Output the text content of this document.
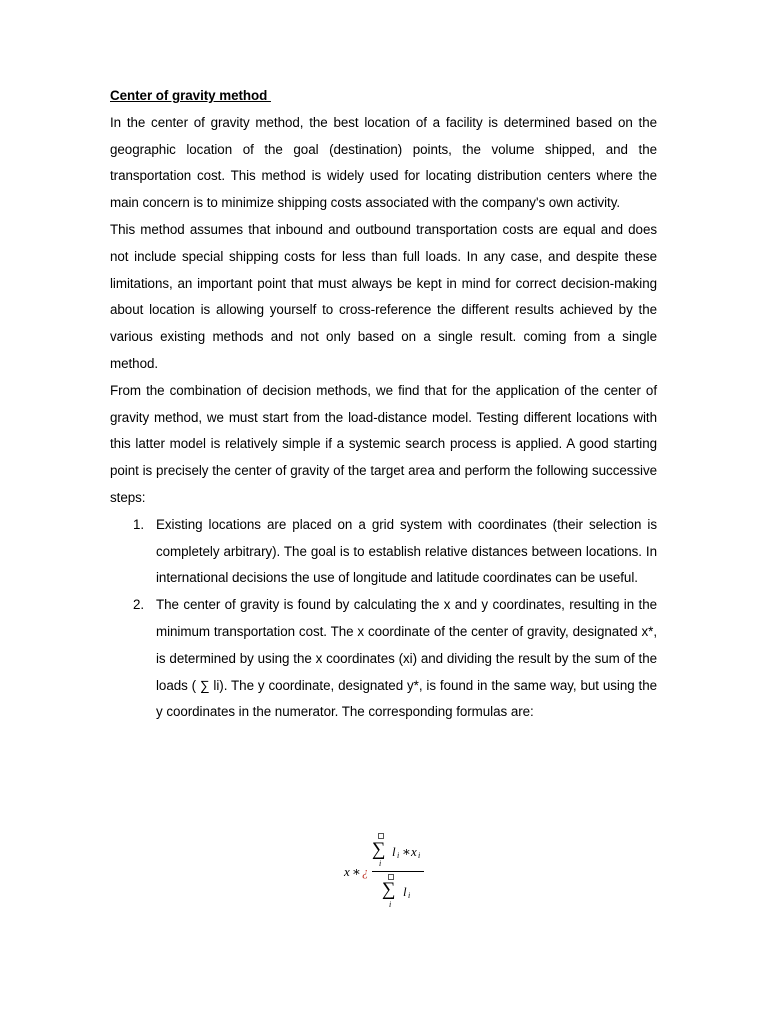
Center of gravity method

In the center of gravity method, the best location of a facility is determined based on the geographic location of the goal (destination) points, the volume shipped, and the transportation cost. This method is widely used for locating distribution centers where the main concern is to minimize shipping costs associated with the company's own activity.

This method assumes that inbound and outbound transportation costs are equal and does not include special shipping costs for less than full loads. In any case, and despite these limitations, an important point that must always be kept in mind for correct decision-making about location is allowing yourself to cross-reference the different results achieved by the various existing methods and not only based on a single result. coming from a single method.

From the combination of decision methods, we find that for the application of the center of gravity method, we must start from the load-distance model. Testing different locations with this latter model is relatively simple if a systemic search process is applied. A good starting point is precisely the center of gravity of the target area and perform the following successive steps:

1. Existing locations are placed on a grid system with coordinates (their selection is completely arbitrary). The goal is to establish relative distances between locations. In international decisions the use of longitude and latitude coordinates can be useful.
2. The center of gravity is found by calculating the x and y coordinates, resulting in the minimum transportation cost. The x coordinate of the center of gravity, designated x*, is determined by using the x coordinates (xi) and dividing the result by the sum of the loads ( ∑ li). The y coordinate, designated y*, is found in the same way, but using the y coordinates in the numerator. The corresponding formulas are:
x ∗ ¿
∑
i
l i ∗ x i
∑
i
l i
